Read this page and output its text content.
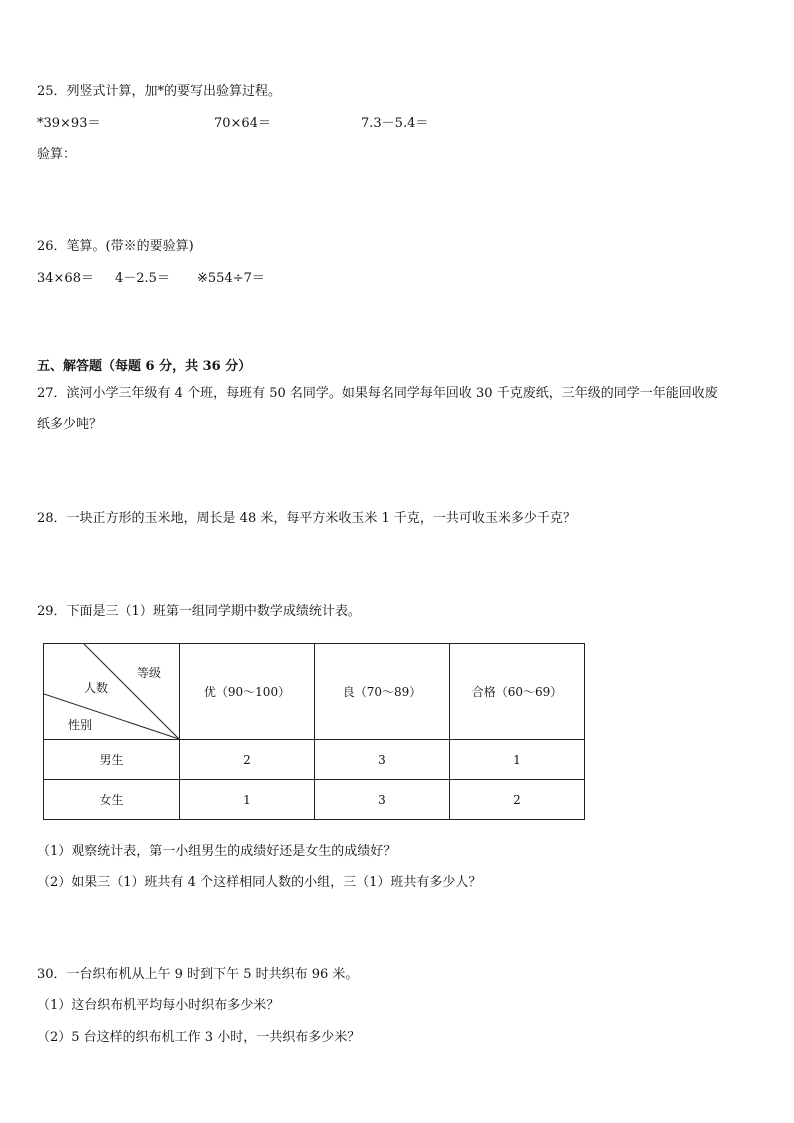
25．列竖式计算，加*的要写出验算过程。
*39×93＝	70×64＝	7.3－5.4＝
验算：
26．笔算。(带※的要验算)
34×68＝ 4－2.5＝ ※554÷7＝
五、解答题（每题 6 分，共 36 分）
27．滨河小学三年级有 4 个班，每班有 50 名同学。如果每名同学每年回收 30 千克废纸，三年级的同学一年能回收废
纸多少吨？
28．一块正方形的玉米地，周长是 48 米，每平方米收玉米 1 千克，一共可收玉米多少千克？
29．下面是三（1）班第一组同学期中数学成绩统计表。
等级
人数
性别	优（90～100）	良（70～89）	合格（60～69）
男生	2	3	1
女生	1	3	2
（1）观察统计表，第一小组男生的成绩好还是女生的成绩好？
（2）如果三（1）班共有 4 个这样相同人数的小组，三（1）班共有多少人？
30．一台织布机从上午 9 时到下午 5 时共织布 96 米。
（1）这台织布机平均每小时织布多少米？
（2）5 台这样的织布机工作 3 小时，一共织布多少米？
